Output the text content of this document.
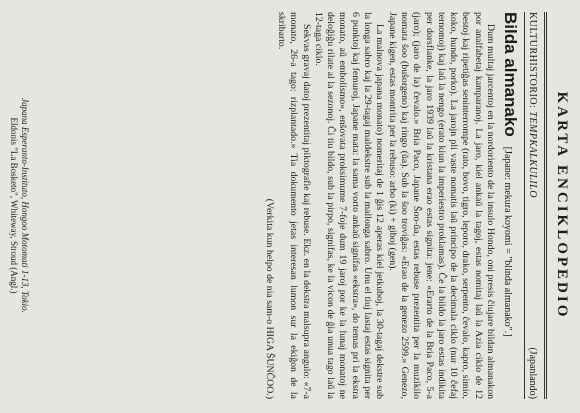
KARTA ENCIKLOPEDIO
KULTURHISTORIO: TEMPKALKULILO
(Japanlando)
Bilda almanako
[Japane: mekura koyomi = "blinda almanako".]

Dum multaj jarcentoj en la nordoriento de la insulo Hondo, oni presis ĉiujare bildan almanakon por analfabetaj kamparanoj. La jaro, kiel ankaŭ la tagoj, estas nomitaj laŭ la Azia ciklo de 12 bestoj kaj ripetiĝas seninterrompe (rato, bovo, tigro, leporo, drako, serpento, ĉevalo, kapro, simio, koko, hundo, porko). La jarojn pli vaste nomatis laŭ principo de la decimala ciklo (nur 10 ĉefaj ternomoj) kaj laŭ la nengo (erato kiun la imperiestro proklamas). Ĉe la bildo la jaro estas indikita per dorsflanke, la jaro 1939 laŭ la kristana erao estas signita: jene: «Erarto de la Bria Paco, 5-a (jaro); (jaro de la) ĉevalo.» Bria Paco, Japane Ŝoo-ŭa, estas rebuse prezentita per la muzikilo nomata ŝoo (buŝorgeno) kaj ringo (ŭa). Sub la ŝoo troviĝas: «Erao de la genezo 2599.» Genezo, Japane kigen, estas montrita per la rebuso: arbo (ki) + giboj (gen).

La malnova japana monato) nomeritaj de 1 ĝis 12 aperas kiel jetkuboj, la 30-tagaj dekstre sub la longa sabro kaj la 29-tagaj maldekstre sub la mallonga sabro. Unu el tiuj lastaj estas signita per 6 punktoj kaj femuroj, Japane mata: la sama vorto ankaŭ signifas «ekstra», do temas pri la ekstra monato, aŭ embolismo», enŝovata proksimume 7-foje dum 19 jaroj por ke la lunaj monatoj ne deloĝiĝu rilate al la sezonoj. Ĉi tiu bildo, sub la pirpo, signifas, ke la vicon de ĝia unua tago laŭ la 12-taga ciklo.

Sekvas gravaj datoj prezentitaj piktografie kaj rebuse. Ekz. en la dekstra malsupra angulo: «7-a monato, 26-a tago: rizplantado.» Tia dokumento jetas interesan lumon sur la ekiĝon de la skribarto.

(Verkita kun helpo de nia sam-o HIGA ŜUNĈOO.)

Japana Esperanto-Instituto, Hongoo Motomati 1-13, Tokio.
Eldonis "La Bosketo", Whiteway, Stroud (Angl.)
